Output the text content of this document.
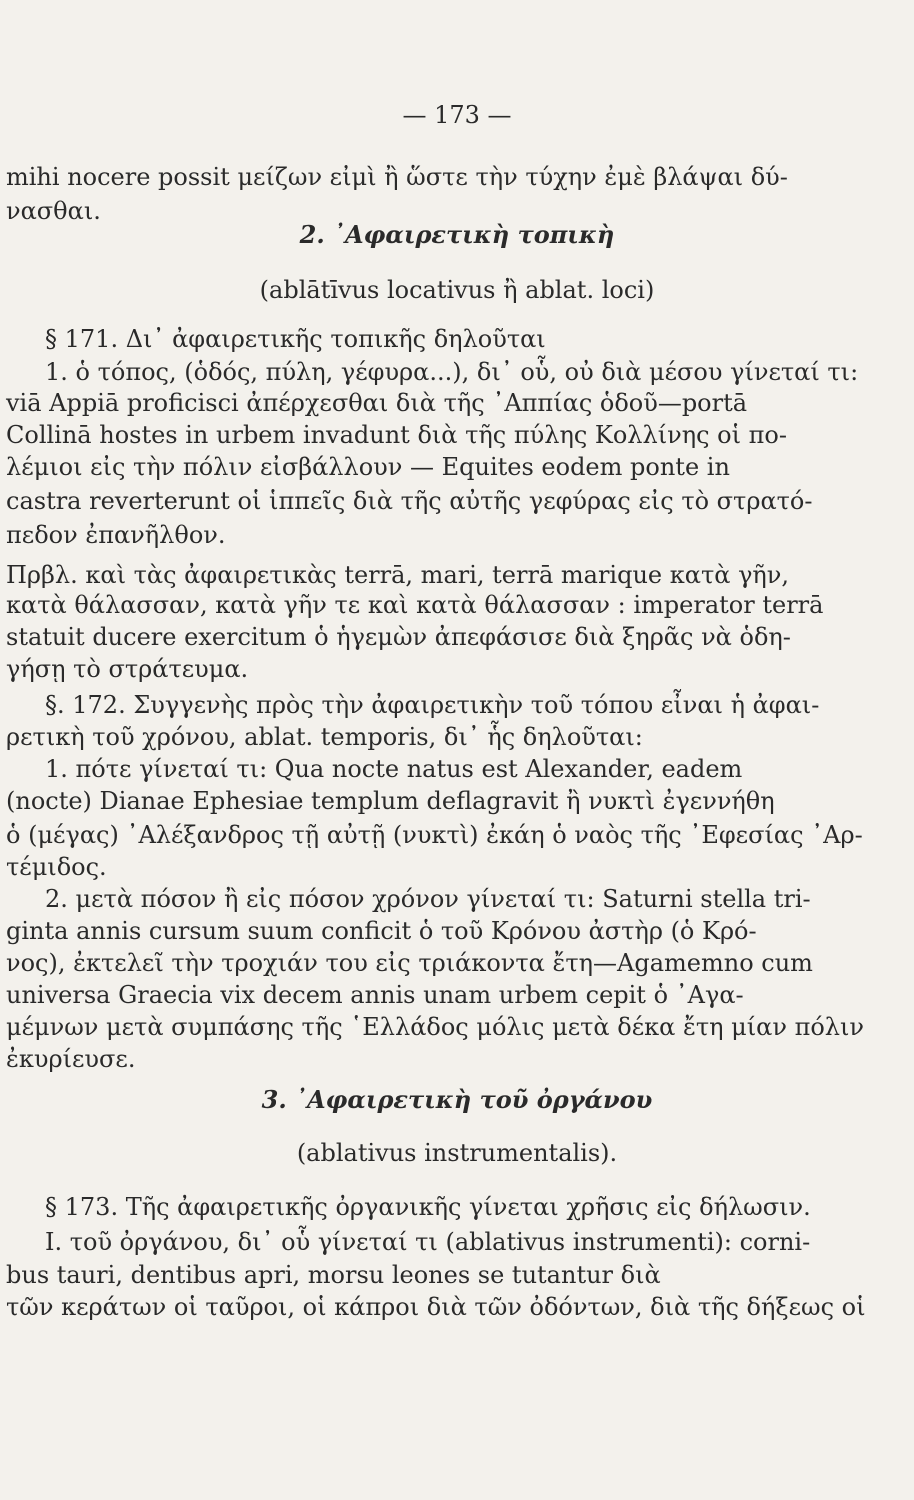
— 173 —
mihi nocere possit μείζων εἰμὶ ἢ ὥστε τὴν τύχην ἐμὲ βλάψαι δύ-
νασθαι.
2. ᾿Αφαιρετικὴ τοπικὴ
(ablātīvus locativus ἢ ablat. loci)
§ 171. Δι᾿ ἀφαιρετικῆς τοπικῆς δηλοῦται
1. ὁ τόπος, (ὁδός, πύλη, γέφυρα...), δι᾿ οὗ, οὐ διὰ μέσου γίνεταί τι:
viā Appiā proficisci ἀπέρχεσθαι διὰ τῆς ᾿Αππίας ὁδοῦ—portā
Collinā hostes in urbem invadunt διὰ τῆς πύλης Κολλίνης οἱ πο-
λέμιοι εἰς τὴν πόλιν εἰσβάλλουν — Equites eodem ponte in
castra reverterunt οἱ ἱππεῖς διὰ τῆς αὐτῆς γεφύρας εἰς τὸ στρατό-
πεδον ἐπανῆλθον.
Πρβλ. καὶ τὰς ἀφαιρετικὰς terrā, mari, terrā marique κατὰ γῆν,
κατὰ θάλασσαν, κατὰ γῆν τε καὶ κατὰ θάλασσαν : imperator terrā
statuit ducere exercitum ὁ ἡγεμὼν ἀπεφάσισε διὰ ξηρᾶς νὰ ὁδη-
γήσῃ τὸ στράτευμα.
§. 172. Συγγενὴς πρὸς τὴν ἀφαιρετικὴν τοῦ τόπου εἶναι ἡ ἀφαι-
ρετικὴ τοῦ χρόνου, ablat. temporis, δι᾿ ἧς δηλοῦται:
1. πότε γίνεταί τι: Qua nocte natus est Alexander, eadem
(nocte) Dianae Ephesiae templum deflagravit ἢ νυκτὶ ἐγεννήθη
ὁ (μέγας) ᾿Αλέξανδρος τῇ αὐτῇ (νυκτὶ) ἐκάη ὁ ναὸς τῆς ᾿Εφεσίας ᾿Αρ-
τέμιδος.
2. μετὰ πόσον ἢ εἰς πόσον χρόνον γίνεταί τι: Saturni stella tri-
ginta annis cursum suum conficit ὁ τοῦ Κρόνου ἀστὴρ (ὁ Κρό-
νος), ἐκτελεῖ τὴν τροχιάν του εἰς τριάκοντα ἔτη—Agamemno cum
universa Graecia vix decem annis unam urbem cepit ὁ ᾿Αγα-
μέμνων μετὰ συμπάσης τῆς ῾Ελλάδος μόλις μετὰ δέκα ἔτη μίαν πόλιν
ἐκυρίευσε.
3. ᾿Αφαιρετικὴ τοῦ ὀργάνου
(ablativus instrumentalis).
§ 173. Τῆς ἀφαιρετικῆς ὀργανικῆς γίνεται χρῆσις εἰς δήλωσιν.
I. τοῦ ὀργάνου, δι᾿ οὗ γίνεταί τι (ablativus instrumenti): corni-
bus tauri, dentibus apri, morsu leones se tutantur διὰ
τῶν κεράτων οἱ ταῦροι, οἱ κάπροι διὰ τῶν ὀδόντων, διὰ τῆς δήξεως οἱ
